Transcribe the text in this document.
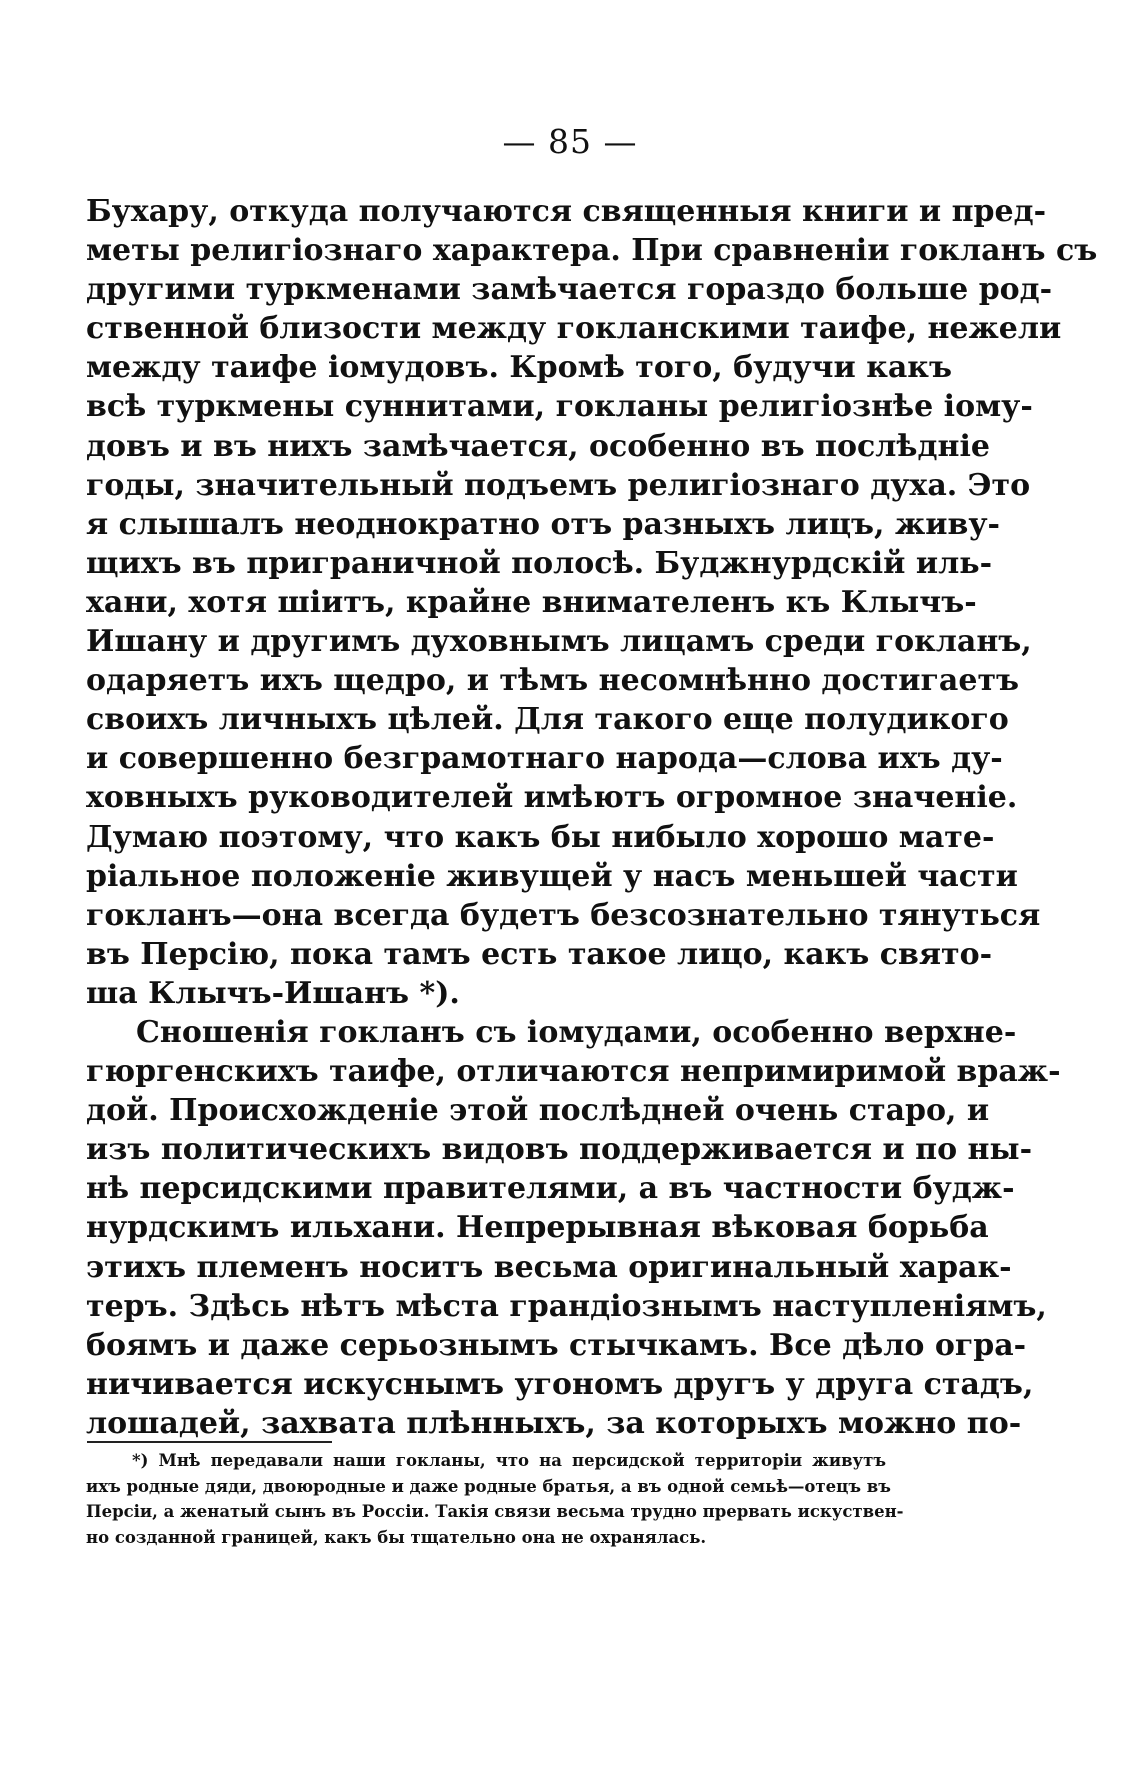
— 85 —
Бухару, откуда получаются священныя книги и пред-
меты религіознаго характера. При сравненіи гокланъ съ
другими туркменами замѣчается гораздо больше род-
ственной близости между гокланскими таифе, нежели
между таифе іомудовъ. Кромѣ того, будучи какъ
всѣ туркмены суннитами, гокланы религіознѣе іому-
довъ и въ нихъ замѣчается, особенно въ послѣдніе
годы, значительный подъемъ религіознаго духа. Это
я слышалъ неоднократно отъ разныхъ лицъ, живу-
щихъ въ пригpаничной полосѣ. Буджнурдскій иль-
хани, хотя шіитъ, крайне внимателенъ къ Клычъ-
Ишану и другимъ духовнымъ лицамъ среди гокланъ,
одаряетъ ихъ щедро, и тѣмъ несомнѣнно достигаетъ
своихъ личныхъ цѣлей. Для такого еще полудикого
и совершенно безграмотнаго народа—слова ихъ ду-
ховныхъ руководителей имѣютъ огромное значеніе.
Думаю поэтому, что какъ бы нибыло хорошо мате-
ріальное положеніе живущей у насъ меньшей части
гокланъ—она всегда будетъ безсознательно тянуться
въ Персію, пока тамъ есть такое лицо, какъ свято-
ша Клычъ-Ишанъ *).
Сношенія гокланъ съ іомудами, особенно верхне-
гюргенскихъ таифе, отличаются непримиримой враж-
дой. Происхожденіе этой послѣдней очень старо, и
изъ политическихъ видовъ поддерживается и по ны-
нѣ персидскими правителями, а въ частности будж-
нурдскимъ ильхани. Непрерывная вѣковая борьба
этихъ племенъ носитъ весьма оригинальный харак-
теръ. Здѣсь нѣтъ мѣста грандіознымъ наступленіямъ,
боямъ и даже серьознымъ стычкамъ. Все дѣло огра-
ничивается искуснымъ угономъ другъ у друга стадъ,
лошадей, захвата плѣнныхъ, за которыхъ можно по-
*) Мнѣ передавали наши гокланы, что на персидской территоріи живутъ
ихъ родные дяди, двоюродные и даже родные братья, а въ одной семьѣ—отецъ въ
Персіи, а женатый сынъ въ Россіи. Такія связи весьма трудно прервать искуствен-
но созданной границей, какъ бы тщательно она не охранялась.
